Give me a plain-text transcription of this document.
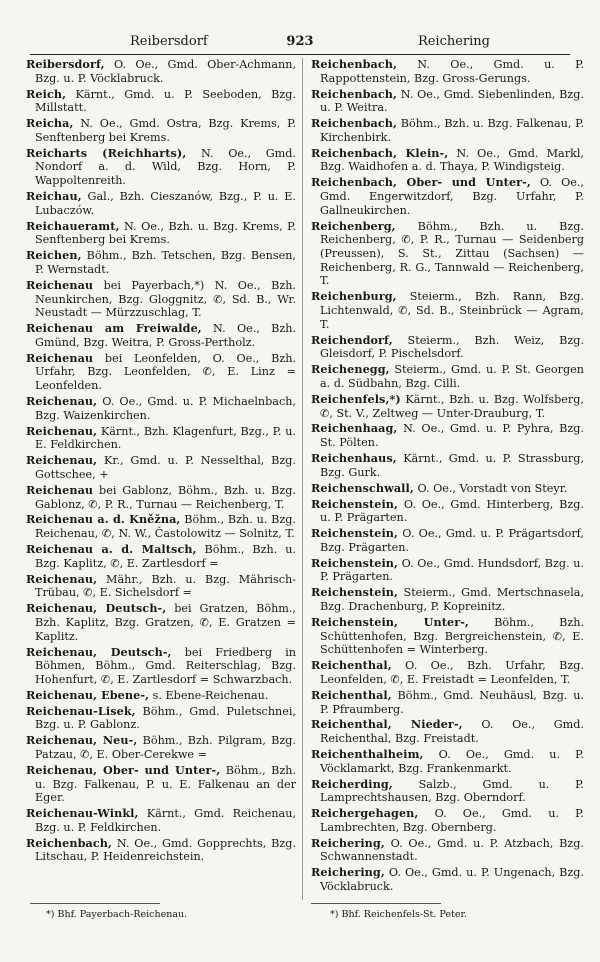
Reibersdorf	923	Reichering

Reibersdorf, O. Oe., Gmd. Ober-Achmann, Bzg. u. P. Vöcklabruck.

Reich, Kärnt., Gmd. u. P. Seeboden, Bzg. Millstatt.

Reicha, N. Oe., Gmd. Ostra, Bzg. Krems, P. Senftenberg bei Krems.

Reicharts (Reichharts), N. Oe., Gmd. Nondorf a. d. Wild, Bzg. Horn, P. Wappoltenreith.

Reichau, Gal., Bzh. Cieszanów, Bzg., P. u. E. Lubaczów.

Reichaueramt, N. Oe., Bzh. u. Bzg. Krems, P. Senftenberg bei Krems.

Reichen, Böhm., Bzh. Tetschen, Bzg. Bensen, P. Wernstadt.

Reichenau bei Payerbach,*) N. Oe., Bzh. Neunkirchen, Bzg. Gloggnitz, ✆, Sd. B., Wr. Neustadt — Mürzzuschlag, T.

Reichenau am Freiwalde, N. Oe., Bzh. Gmünd, Bzg. Weitra, P. Gross-Pertholz.

Reichenau bei Leonfelden, O. Oe., Bzh. Urfahr, Bzg. Leonfelden, ✆, E. Linz = Leonfelden.

Reichenau, O. Oe., Gmd. u. P. Michaelnbach, Bzg. Waizenkirchen.

Reichenau, Kärnt., Bzh. Klagenfurt, Bzg., P. u. E. Feldkirchen.

Reichenau, Kr., Gmd. u. P. Nesselthal, Bzg. Gottschee, +

Reichenau bei Gablonz, Böhm., Bzh. u. Bzg. Gablonz, ✆, P. R., Turnau — Reichenberg, T.

Reichenau a. d. Kněžna, Böhm., Bzh. u. Bzg. Reichenau, ✆, N. W., Častolowitz — Solnitz, T.

Reichenau a. d. Maltsch, Böhm., Bzh. u. Bzg. Kaplitz, ✆, E. Zartlesdorf =

Reichenau, Mähr., Bzh. u. Bzg. Mährisch-Trübau, ✆, E. Sichelsdorf =

Reichenau, Deutsch-, bei Gratzen, Böhm., Bzh. Kaplitz, Bzg. Gratzen, ✆, E. Gratzen = Kaplitz.

Reichenau, Deutsch-, bei Friedberg in Böhmen, Böhm., Gmd. Reiterschlag, Bzg. Hohenfurt, ✆, E. Zartlesdorf = Schwarzbach.

Reichenau, Ebene-, s. Ebene-Reichenau.

Reichenau-Lisek, Böhm., Gmd. Puletschnei, Bzg. u. P. Gablonz.

Reichenau, Neu-, Böhm., Bzh. Pilgram, Bzg. Patzau, ✆, E. Ober-Cerekwe =

Reichenau, Ober- und Unter-, Böhm., Bzh. u. Bzg. Falkenau, P. u. E. Falkenau an der Eger.

Reichenau-Winkl, Kärnt., Gmd. Reichenau, Bzg. u. P. Feldkirchen.

Reichenbach, N. Oe., Gmd. Gopprechts, Bzg. Litschau, P. Heidenreichstein.

Reichenbach, N. Oe., Gmd. u. P. Rappottenstein, Bzg. Gross-Gerungs.

Reichenbach, N. Oe., Gmd. Siebenlinden, Bzg. u. P. Weitra.

Reichenbach, Böhm., Bzh. u. Bzg. Falkenau, P. Kirchenbirk.

Reichenbach, Klein-, N. Oe., Gmd. Markl, Bzg. Waidhofen a. d. Thaya, P. Windigsteig.

Reichenbach, Ober- und Unter-, O. Oe., Gmd. Engerwitzdorf, Bzg. Urfahr, P. Gallneukirchen.

Reichenberg, Böhm., Bzh. u. Bzg. Reichenberg, ✆, P. R., Turnau — Seidenberg (Preussen), S. St., Zittau (Sachsen) — Reichenberg, R. G., Tannwald — Reichenberg, T.

Reichenburg, Steierm., Bzh. Rann, Bzg. Lichtenwald, ✆, Sd. B., Steinbrück — Agram, T.

Reichendorf, Steierm., Bzh. Weiz, Bzg. Gleisdorf, P. Pischelsdorf.

Reichenegg, Steierm., Gmd. u. P. St. Georgen a. d. Südbahn, Bzg. Cilli.

Reichenfels,*) Kärnt., Bzh. u. Bzg. Wolfsberg, ✆, St. V., Zeltweg — Unter-Drauburg, T.

Reichenhaag, N. Oe., Gmd. u. P. Pyhra, Bzg. St. Pölten.

Reichenhaus, Kärnt., Gmd. u. P. Strassburg, Bzg. Gurk.

Reichenschwall, O. Oe., Vorstadt von Steyr.

Reichenstein, O. Oe., Gmd. Hinterberg, Bzg. u. P. Prägarten.

Reichenstein, O. Oe., Gmd. u. P. Prägartsdorf, Bzg. Prägarten.

Reichenstein, O. Oe., Gmd. Hundsdorf, Bzg. u. P. Prägarten.

Reichenstein, Steierm., Gmd. Mertschnasela, Bzg. Drachenburg, P. Kopreinitz.

Reichenstein, Unter-, Böhm., Bzh. Schüttenhofen, Bzg. Bergreichenstein, ✆, E. Schüttenhofen = Winterberg.

Reichenthal, O. Oe., Bzh. Urfahr, Bzg. Leonfelden, ✆, E. Freistadt = Leonfelden, T.

Reichenthal, Böhm., Gmd. Neuhäusl, Bzg. u. P. Pfraumberg.

Reichenthal, Nieder-, O. Oe., Gmd. Reichenthal, Bzg. Freistadt.

Reichenthalheim, O. Oe., Gmd. u. P. Vöcklamarkt, Bzg. Frankenmarkt.

Reicherding, Salzb., Gmd. u. P. Lamprechtshausen, Bzg. Oberndorf.

Reichergehagen, O. Oe., Gmd. u. P. Lambrechten, Bzg. Obernberg.

Reichering, O. Oe., Gmd. u. P. Atzbach, Bzg. Schwannenstadt.

Reichering, O. Oe., Gmd. u. P. Ungenach, Bzg. Vöcklabruck.

*) Bhf. Payerbach-Reichenau.	*) Bhf. Reichenfels-St. Peter.
